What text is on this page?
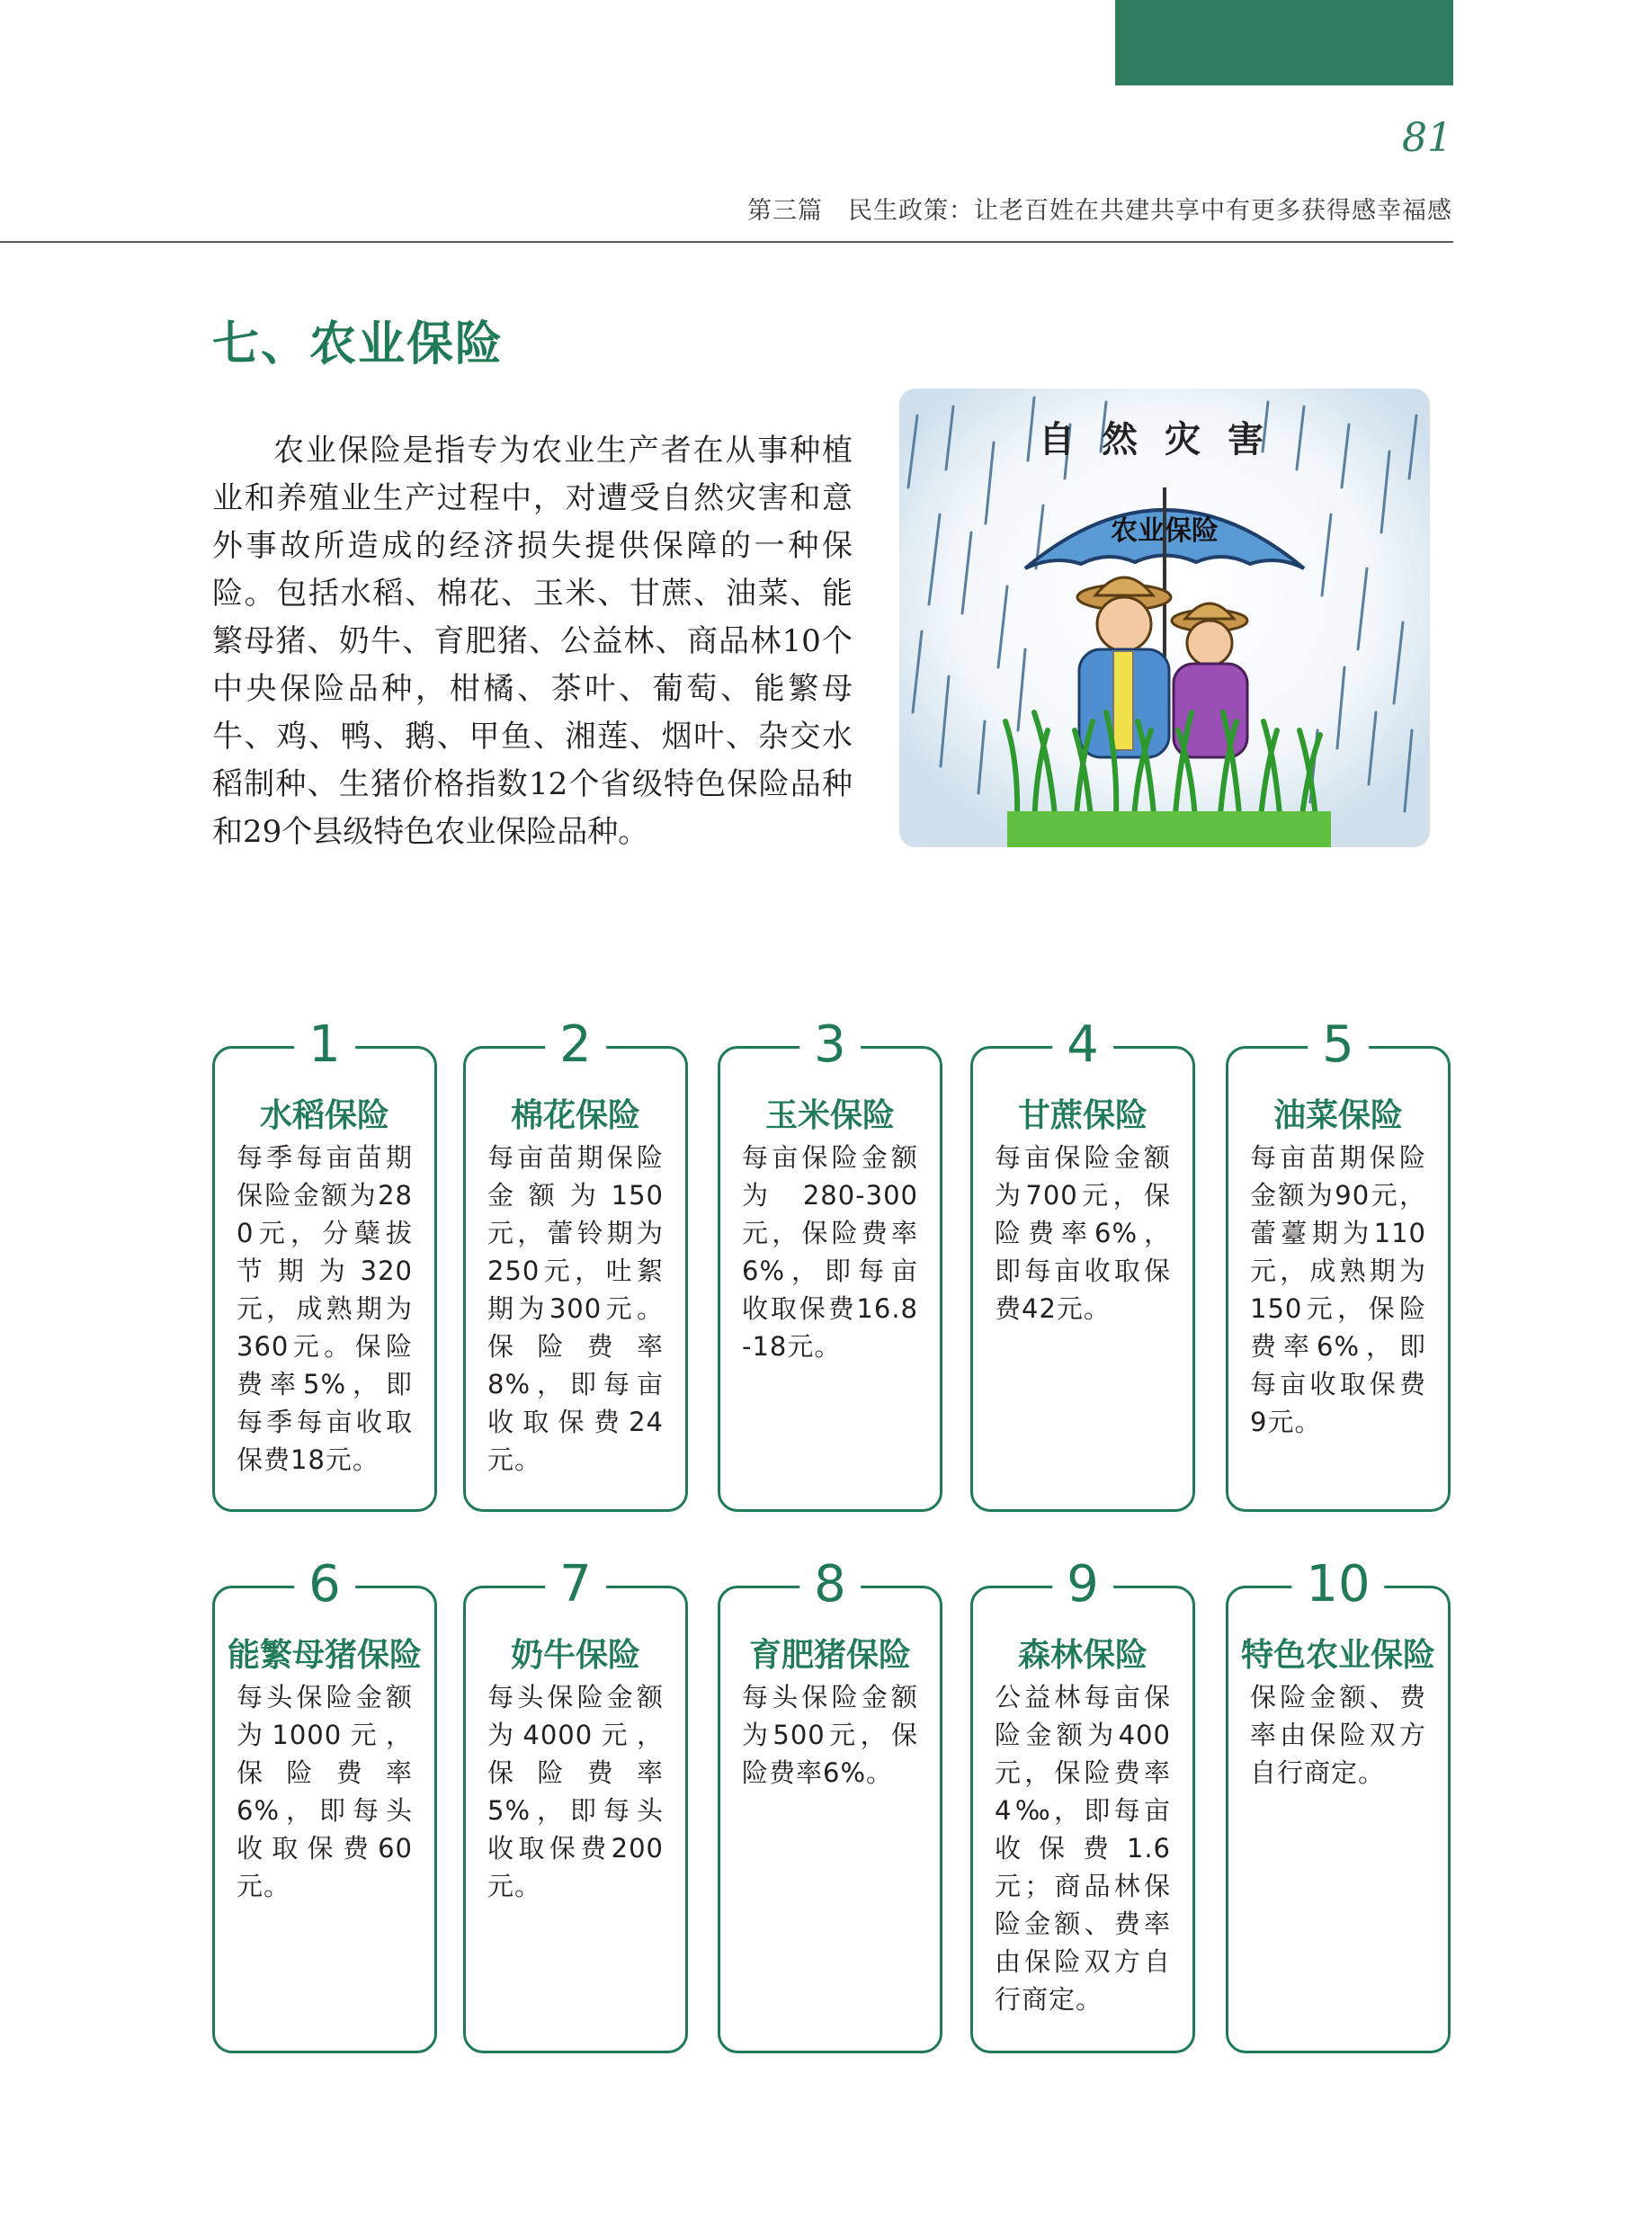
81
第三篇　民生政策：让老百姓在共建共享中有更多获得感幸福感
七、农业保险

农业保险是指专为农业生产者在从事种植业和养殖业生产过程中，对遭受自然灾害和意外事故所造成的经济损失提供保障的一种保险。包括水稻、棉花、玉米、甘蔗、油菜、能繁母猪、奶牛、育肥猪、公益林、商品林10个中央保险品种，柑橘、茶叶、葡萄、能繁母牛、鸡、鸭、鹅、甲鱼、湘莲、烟叶、杂交水稻制种、生猪价格指数12个省级特色保险品种和29个县级特色农业保险品种。

自然灾害
农业保险
1
水稻保险
每季每亩苗期保险金额为280元，分蘖拔节期为320元，成熟期为360元。保险费率5%，即每季每亩收取保费18元。
2
棉花保险
每亩苗期保险金额为150元，蕾铃期为250元，吐絮期为300元。保险费率8%，即每亩收取保费24元。
3
玉米保险
每亩保险金额为280-300元，保险费率6%，即每亩收取保费16.8-18元。
4
甘蔗保险
每亩保险金额为700元，保险费率6%，即每亩收取保费42元。
5
油菜保险
每亩苗期保险金额为90元，蕾薹期为110元，成熟期为150元，保险费率6%，即每亩收取保费9元。
6
能繁母猪保险
每头保险金额为1000元，保险费率6%，即每头收取保费60元。
7
奶牛保险
每头保险金额为4000元，保险费率5%，即每头收取保费200元。
8
育肥猪保险
每头保险金额为500元，保险费率6%。
9
森林保险
公益林每亩保险金额为400元，保险费率4‰，即每亩收保费1.6元；商品林保险金额、费率由保险双方自行商定。
10
特色农业保险
保险金额、费率由保险双方自行商定。
